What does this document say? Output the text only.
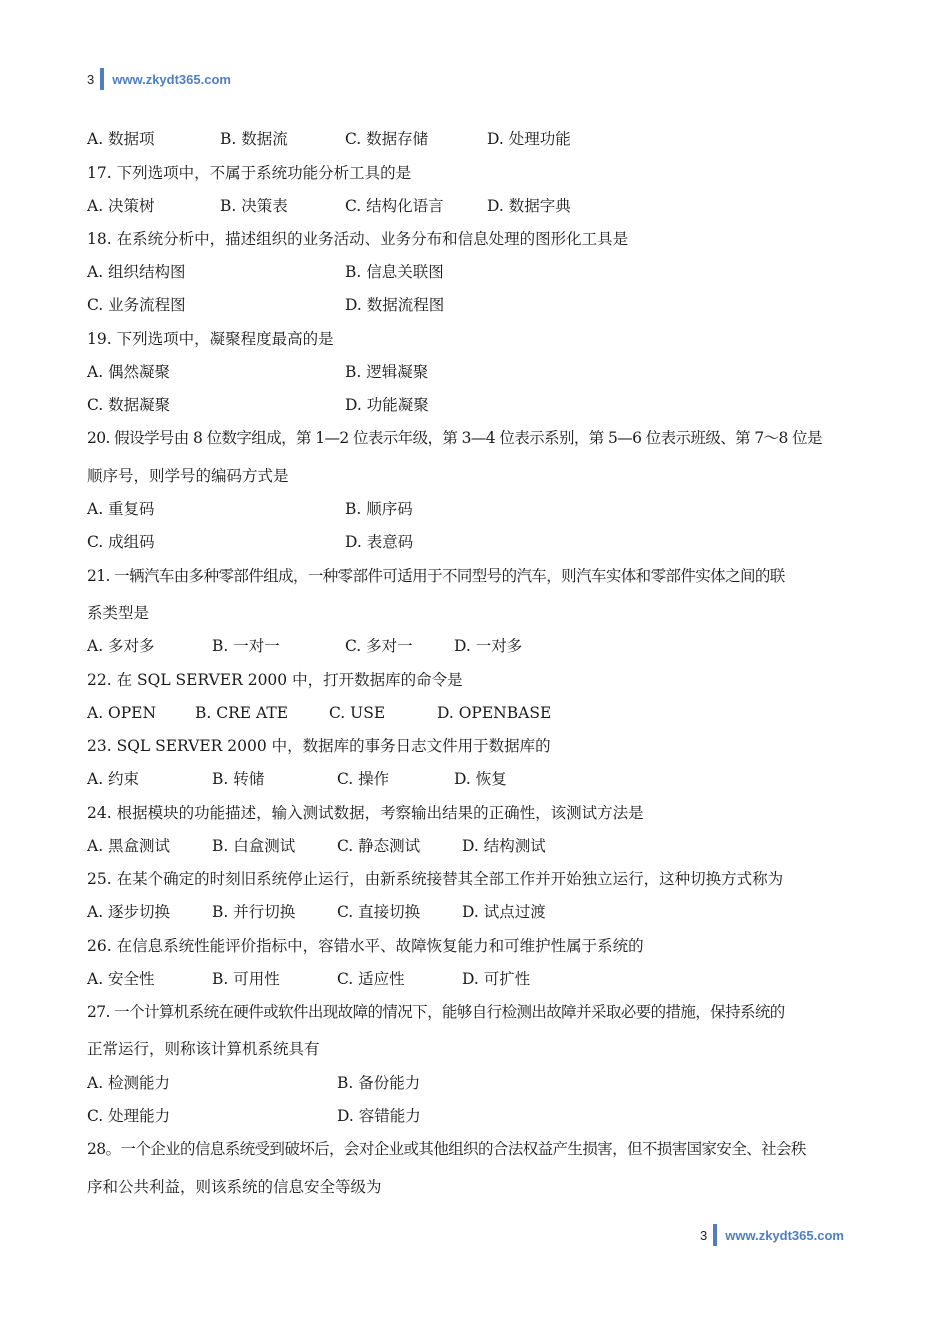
3 www.zkydt365.com
A. 数据项	B. 数据流	C. 数据存储	D. 处理功能
17. 下列选项中，不属于系统功能分析工具的是
A. 决策树	B. 决策表	C. 结构化语言	D. 数据字典
18. 在系统分析中，描述组织的业务活动、业务分布和信息处理的图形化工具是
A. 组织结构图	B. 信息关联图
C. 业务流程图	D. 数据流程图
19. 下列选项中，凝聚程度最高的是
A. 偶然凝聚	B. 逻辑凝聚
C. 数据凝聚	D. 功能凝聚
20. 假设学号由 8 位数字组成，第 1—2 位表示年级，第 3—4 位表示系别，第 5—6 位表示班级、第 7～8 位是
顺序号，则学号的编码方式是
A. 重复码	B. 顺序码
C. 成组码	D. 表意码
21. 一辆汽车由多种零部件组成，一种零部件可适用于不同型号的汽车，则汽车实体和零部件实体之间的联
系类型是
A. 多对多	B. 一对一	C. 多对一	D. 一对多
22. 在 SQL SERVER 2000 中，打开数据库的命令是
A. OPEN	B. CRE ATE	C. USE	D. OPENBASE
23. SQL SERVER 2000 中，数据库的事务日志文件用于数据库的
A. 约束	B. 转储	C. 操作	D. 恢复
24. 根据模块的功能描述，输入测试数据，考察输出结果的正确性，该测试方法是
A. 黑盒测试	B. 白盒测试	C. 静态测试	D. 结构测试
25. 在某个确定的时刻旧系统停止运行，由新系统接替其全部工作并开始独立运行，这种切换方式称为
A. 逐步切换	B. 并行切换	C. 直接切换	D. 试点过渡
26. 在信息系统性能评价指标中，容错水平、故障恢复能力和可维护性属于系统的
A. 安全性	B. 可用性	C. 适应性	D. 可扩性
27. 一个计算机系统在硬件或软件出现故障的情况下，能够自行检测出故障并采取必要的措施，保持系统的
正常运行，则称该计算机系统具有
A. 检测能力	B. 备份能力
C. 处理能力	D. 容错能力
28。一个企业的信息系统受到破坏后，会对企业或其他组织的合法权益产生损害，但不损害国家安全、社会秩
序和公共利益，则该系统的信息安全等级为
3 www.zkydt365.com
